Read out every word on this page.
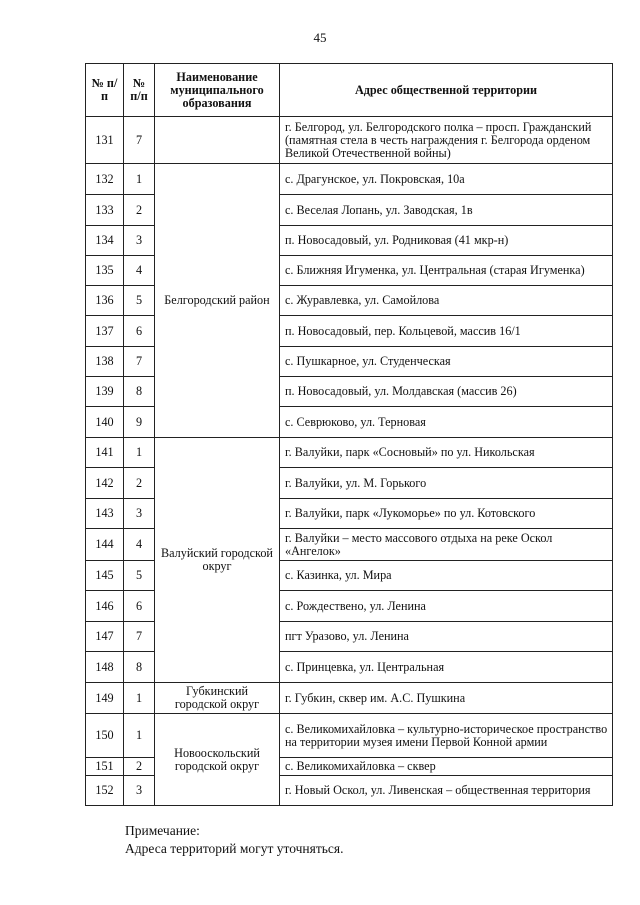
45
№ п/п	№ п/п	Наименование муниципального образования	Адрес общественной территории
131	7		г. Белгород, ул. Белгородского полка – просп. Гражданский (памятная стела в честь награждения г. Белгорода орденом Великой Отечественной войны)
132	1	Белгородский район	с. Драгунское, ул. Покровская, 10а
133	2		с. Веселая Лопань, ул. Заводская, 1в
134	3		п. Новосадовый, ул. Родниковая (41 мкр-н)
135	4		с. Ближняя Игуменка, ул. Центральная (старая Игуменка)
136	5		с. Журавлевка, ул. Самойлова
137	6		п. Новосадовый, пер. Кольцевой, массив 16/1
138	7		с. Пушкарное, ул. Студенческая
139	8		п. Новосадовый, ул. Молдавская (массив 26)
140	9		с. Севрюково, ул. Терновая
141	1	Валуйский городской округ	г. Валуйки, парк «Сосновый» по ул. Никольская
142	2		г. Валуйки, ул. М. Горького
143	3		г. Валуйки, парк «Лукоморье» по ул. Котовского
144	4		г. Валуйки – место массового отдыха на реке Оскол «Ангелок»
145	5		с. Казинка, ул. Мира
146	6		с. Рождествено, ул. Ленина
147	7		пгт Уразово, ул. Ленина
148	8		с. Принцевка, ул. Центральная
149	1	Губкинский городской округ	г. Губкин, сквер им. А.С. Пушкина
150	1	Новооскольский городской округ	с. Великомихайловка – культурно-историческое пространство на территории музея имени Первой Конной армии
151	2		с. Великомихайловка – сквер
152	3		г. Новый Оскол, ул. Ливенская – общественная территория
Примечание:
Адреса территорий могут уточняться.
